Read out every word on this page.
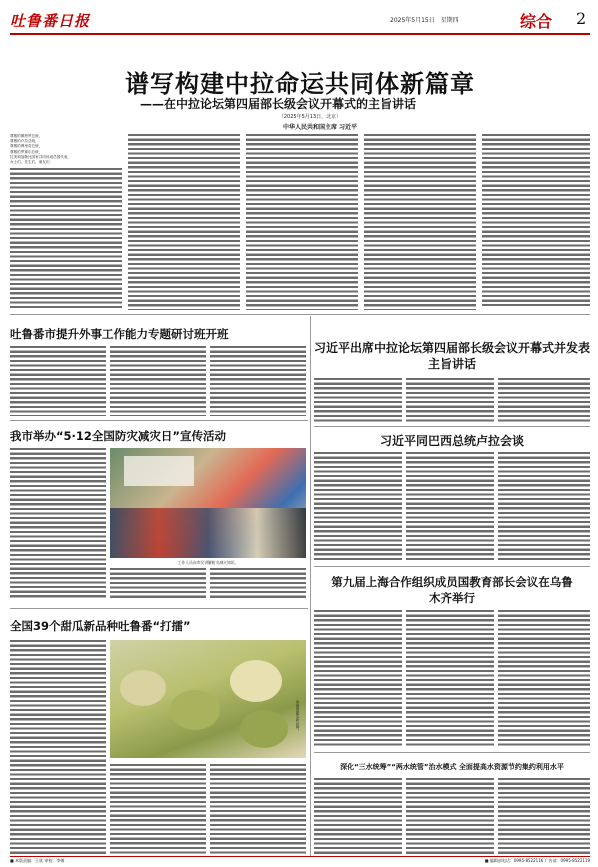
吐鲁番日报	2025年5月15日 星期四	综合 2
谱写构建中拉命运共同体新篇章
——在中拉论坛第四届部长级会议开幕式的主旨讲话
（2025年5月13日，北京）
中华人民共和国主席 习近平
尊敬的佩特罗总统，
尊敬的卢拉总统，
尊敬的博里奇总统，
尊敬的罗赛尔总统，
拉美和加勒比国家共同体成员国代表，
女士们，先生们，朋友们：
吐鲁番市提升外事工作能力专题研讨班开班
我市举办“5·12全国防灾减灾日”宣传活动
工作人员向市民讲解防灾减灾知识。
全国39个甜瓜新品种吐鲁番“打擂”
参赛的甜瓜新品种。
习近平出席中拉论坛第四届部长级会议开幕式并发表主旨讲话
习近平同巴西总统卢拉会谈
第九届上海合作组织成员国教育部长会议在乌鲁木齐举行
深化“三水统筹”“两水统管”治水模式 全面提高水资源节约集约利用水平
■ 本版责编：王欣 审校：李娜	■ 编辑部电话：0995-8522116 广告部：0995-8522119
